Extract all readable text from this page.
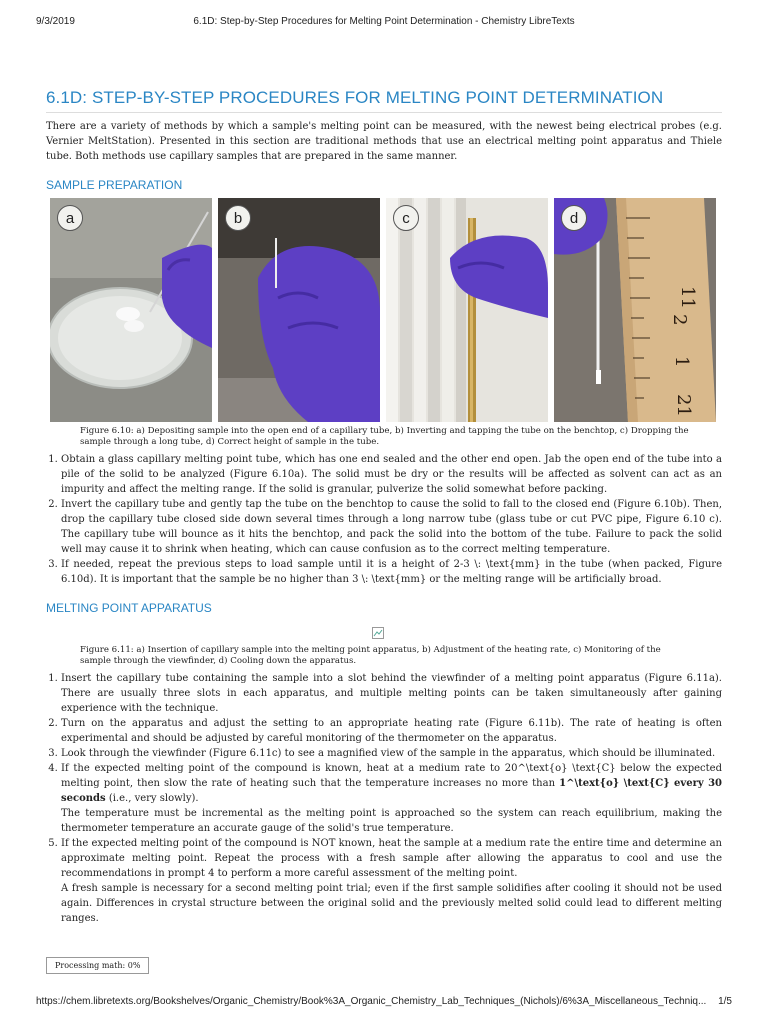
9/3/2019	6.1D: Step-by-Step Procedures for Melting Point Determination - Chemistry LibreTexts
6.1D: STEP-BY-STEP PROCEDURES FOR MELTING POINT DETERMINATION

There are a variety of methods by which a sample's melting point can be measured, with the newest being electrical probes (e.g. Vernier MeltStation). Presented in this section are traditional methods that use an electrical melting point apparatus and Thiele tube. Both methods use capillary samples that are prepared in the same manner.

SAMPLE PREPARATION
a	b	c
11
2
1
21
d
Figure 6.10: a) Depositing sample into the open end of a capillary tube, b) Inverting and tapping the tube on the benchtop, c) Dropping the sample through a long tube, d) Correct height of sample in the tube.
1. Obtain a glass capillary melting point tube, which has one end sealed and the other end open. Jab the open end of the tube into a pile of the solid to be analyzed (Figure 6.10a). The solid must be dry or the results will be affected as solvent can act as an impurity and affect the melting range. If the solid is granular, pulverize the solid somewhat before packing.
2. Invert the capillary tube and gently tap the tube on the benchtop to cause the solid to fall to the closed end (Figure 6.10b). Then, drop the capillary tube closed side down several times through a long narrow tube (glass tube or cut PVC pipe, Figure 6.10 c). The capillary tube will bounce as it hits the benchtop, and pack the solid into the bottom of the tube. Failure to pack the solid well may cause it to shrink when heating, which can cause confusion as to the correct melting temperature.
3. If needed, repeat the previous steps to load sample until it is a height of 2-3 \: \text{mm} in the tube (when packed, Figure 6.10d). It is important that the sample be no higher than 3 \: \text{mm} or the melting range will be artificially broad.
MELTING POINT APPARATUS
Figure 6.11: a) Insertion of capillary sample into the melting point apparatus, b) Adjustment of the heating rate, c) Monitoring of the sample through the viewfinder, d) Cooling down the apparatus.
1. Insert the capillary tube containing the sample into a slot behind the viewfinder of a melting point apparatus (Figure 6.11a). There are usually three slots in each apparatus, and multiple melting points can be taken simultaneously after gaining experience with the technique.
2. Turn on the apparatus and adjust the setting to an appropriate heating rate (Figure 6.11b). The rate of heating is often experimental and should be adjusted by careful monitoring of the thermometer on the apparatus.
3. Look through the viewfinder (Figure 6.11c) to see a magnified view of the sample in the apparatus, which should be illuminated.
4. If the expected melting point of the compound is known, heat at a medium rate to 20^\text{o} \text{C} below the expected melting point, then slow the rate of heating such that the temperature increases no more than 1^\text{o} \text{C} every 30 seconds (i.e., very slowly).
The temperature must be incremental as the melting point is approached so the system can reach equilibrium, making the thermometer temperature an accurate gauge of the solid's true temperature.
5. If the expected melting point of the compound is NOT known, heat the sample at a medium rate the entire time and determine an approximate melting point. Repeat the process with a fresh sample after allowing the apparatus to cool and use the recommendations in prompt 4 to perform a more careful assessment of the melting point.
A fresh sample is necessary for a second melting point trial; even if the first sample solidifies after cooling it should not be used again. Differences in crystal structure between the original solid and the previously melted solid could lead to different melting ranges.
Processing math: 0%
https://chem.libretexts.org/Bookshelves/Organic_Chemistry/Book%3A_Organic_Chemistry_Lab_Techniques_(Nichols)/6%3A_Miscellaneous_Techniq... 1/5
